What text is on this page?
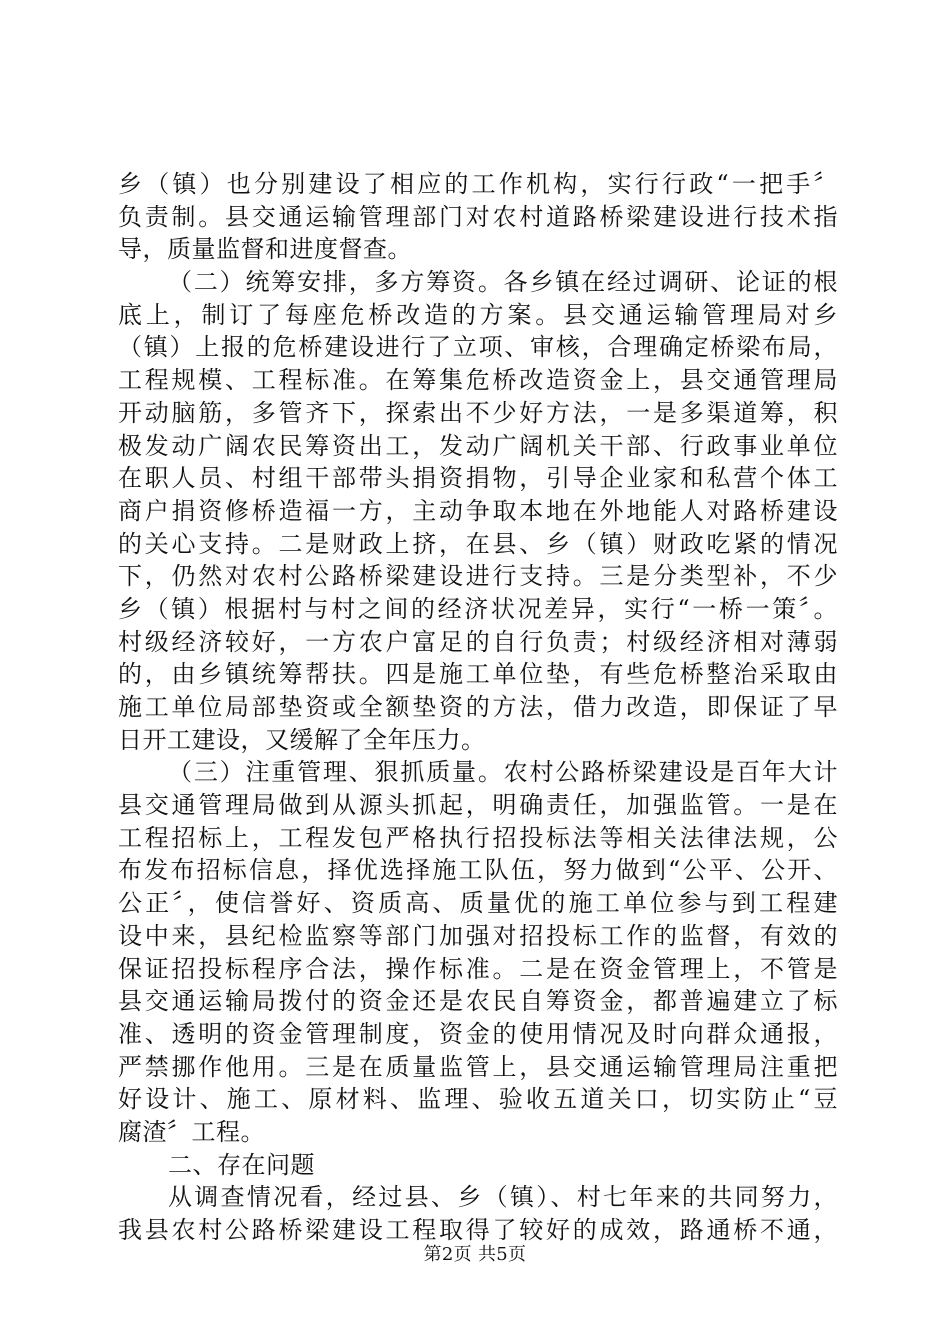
乡（镇）也分别建设了相应的工作机构，实行行政“一把手〞
负责制。县交通运输管理部门对农村道路桥梁建设进行技术指
导，质量监督和进度督查。
（二）统筹安排，多方筹资。各乡镇在经过调研、论证的根
底上，制订了每座危桥改造的方案。县交通运输管理局对乡
（镇）上报的危桥建设进行了立项、审核，合理确定桥梁布局，
工程规模、工程标准。在筹集危桥改造资金上，县交通管理局
开动脑筋，多管齐下，探索出不少好方法，一是多渠道筹，积
极发动广阔农民筹资出工，发动广阔机关干部、行政事业单位
在职人员、村组干部带头捐资捐物，引导企业家和私营个体工
商户捐资修桥造福一方，主动争取本地在外地能人对路桥建设
的关心支持。二是财政上挤，在县、乡（镇）财政吃紧的情况
下，仍然对农村公路桥梁建设进行支持。三是分类型补，不少
乡（镇）根据村与村之间的经济状况差异，实行“一桥一策〞。
村级经济较好，一方农户富足的自行负责；村级经济相对薄弱
的，由乡镇统筹帮扶。四是施工单位垫，有些危桥整治采取由
施工单位局部垫资或全额垫资的方法，借力改造，即保证了早
日开工建设，又缓解了全年压力。
（三）注重管理、狠抓质量。农村公路桥梁建设是百年大计
县交通管理局做到从源头抓起，明确责任，加强监管。一是在
工程招标上，工程发包严格执行招投标法等相关法律法规，公
布发布招标信息，择优选择施工队伍，努力做到“公平、公开、
公正〞，使信誉好、资质高、质量优的施工单位参与到工程建
设中来，县纪检监察等部门加强对招投标工作的监督，有效的
保证招投标程序合法，操作标准。二是在资金管理上，不管是
县交通运输局拨付的资金还是农民自筹资金，都普遍建立了标
准、透明的资金管理制度，资金的使用情况及时向群众通报，
严禁挪作他用。三是在质量监管上，县交通运输管理局注重把
好设计、施工、原材料、监理、验收五道关口，切实防止“豆
腐渣〞工程。
二、存在问题
从调查情况看，经过县、乡（镇）、村七年来的共同努力，
我县农村公路桥梁建设工程取得了较好的成效，路通桥不通，
第2页 共5页
